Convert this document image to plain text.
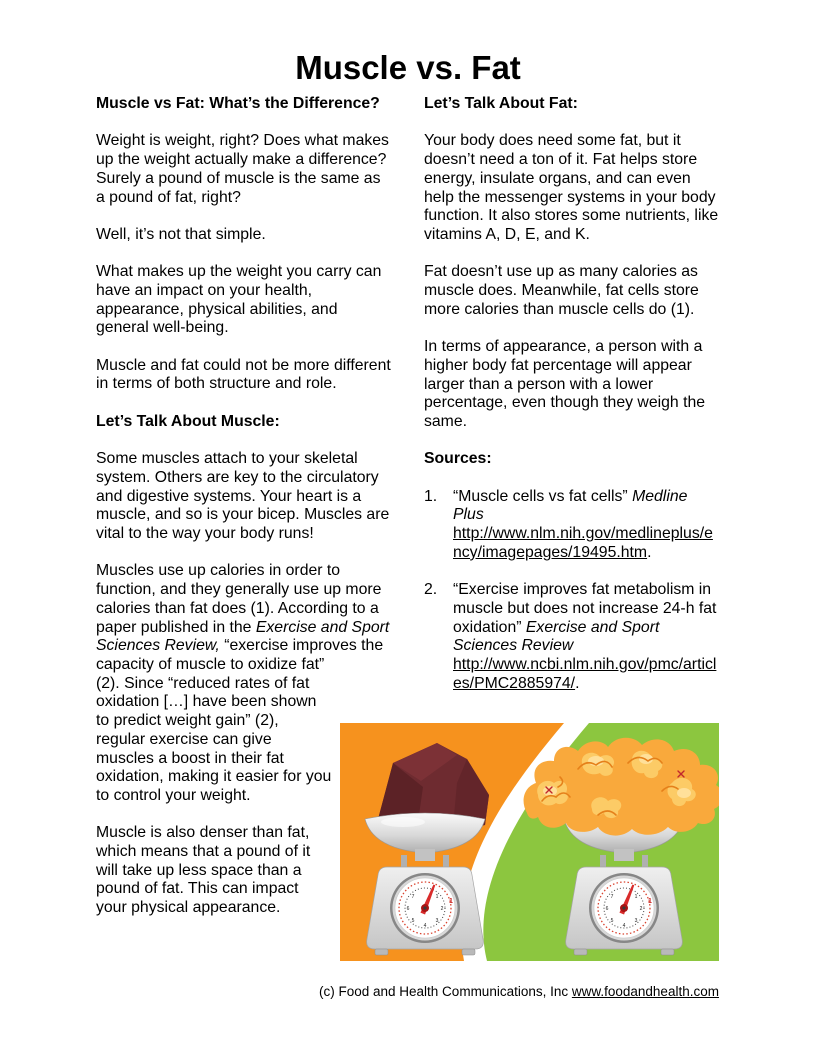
Muscle vs. Fat
Muscle vs Fat: What’s the Difference?

Weight is weight, right? Does what makes up the weight actually make a difference? Surely a pound of muscle is the same as a pound of fat, right?

Well, it’s not that simple.

What makes up the weight you carry can have an impact on your health, appearance, physical abilities, and general well-being.

Muscle and fat could not be more different in terms of both structure and role.

Let’s Talk About Muscle:

Some muscles attach to your skeletal system. Others are key to the circulatory and digestive systems. Your heart is a muscle, and so is your bicep. Muscles are vital to the way your body runs!

Muscles use up calories in order to function, and they generally use up more calories than fat does (1). According to a paper published in the Exercise and Sport Sciences Review, “exercise improves the capacity of muscle to
oxidize fat” (2). Since “reduced rates of fat oxidation […] have been shown to predict weight gain” (2), regular exercise can give muscles a boost in their fat oxidation, making it easier for you to control your weight.

Muscle is also denser than fat, which means that a pound of it will take up less space than a pound of fat. This can impact your physical appearance.

Let’s Talk About Fat:

Your body does need some fat, but it doesn’t need a ton of it. Fat helps store energy, insulate organs, and can even help the messenger systems in your body function. It also stores some nutrients, like vitamins A, D, E, and K.

Fat doesn’t use up as many calories as muscle does. Meanwhile, fat cells store more calories than muscle cells do (1).

In terms of appearance, a person with a higher body fat percentage will appear larger than a person with a lower percentage, even though they weigh the same.

Sources:
1. “Muscle cells vs fat cells” Medline Plus http://www.nlm.nih.gov/medlineplus/ency/imagepages/19495.htm.
2. “Exercise improves fat metabolism in muscle but does not increase 24-h fat oxidation” Exercise and Sport Sciences Review http://www.ncbi.nlm.nih.gov/pmc/articles/PMC2885974/.
(c) Food and Health Communications, Inc www.foodandhealth.com
